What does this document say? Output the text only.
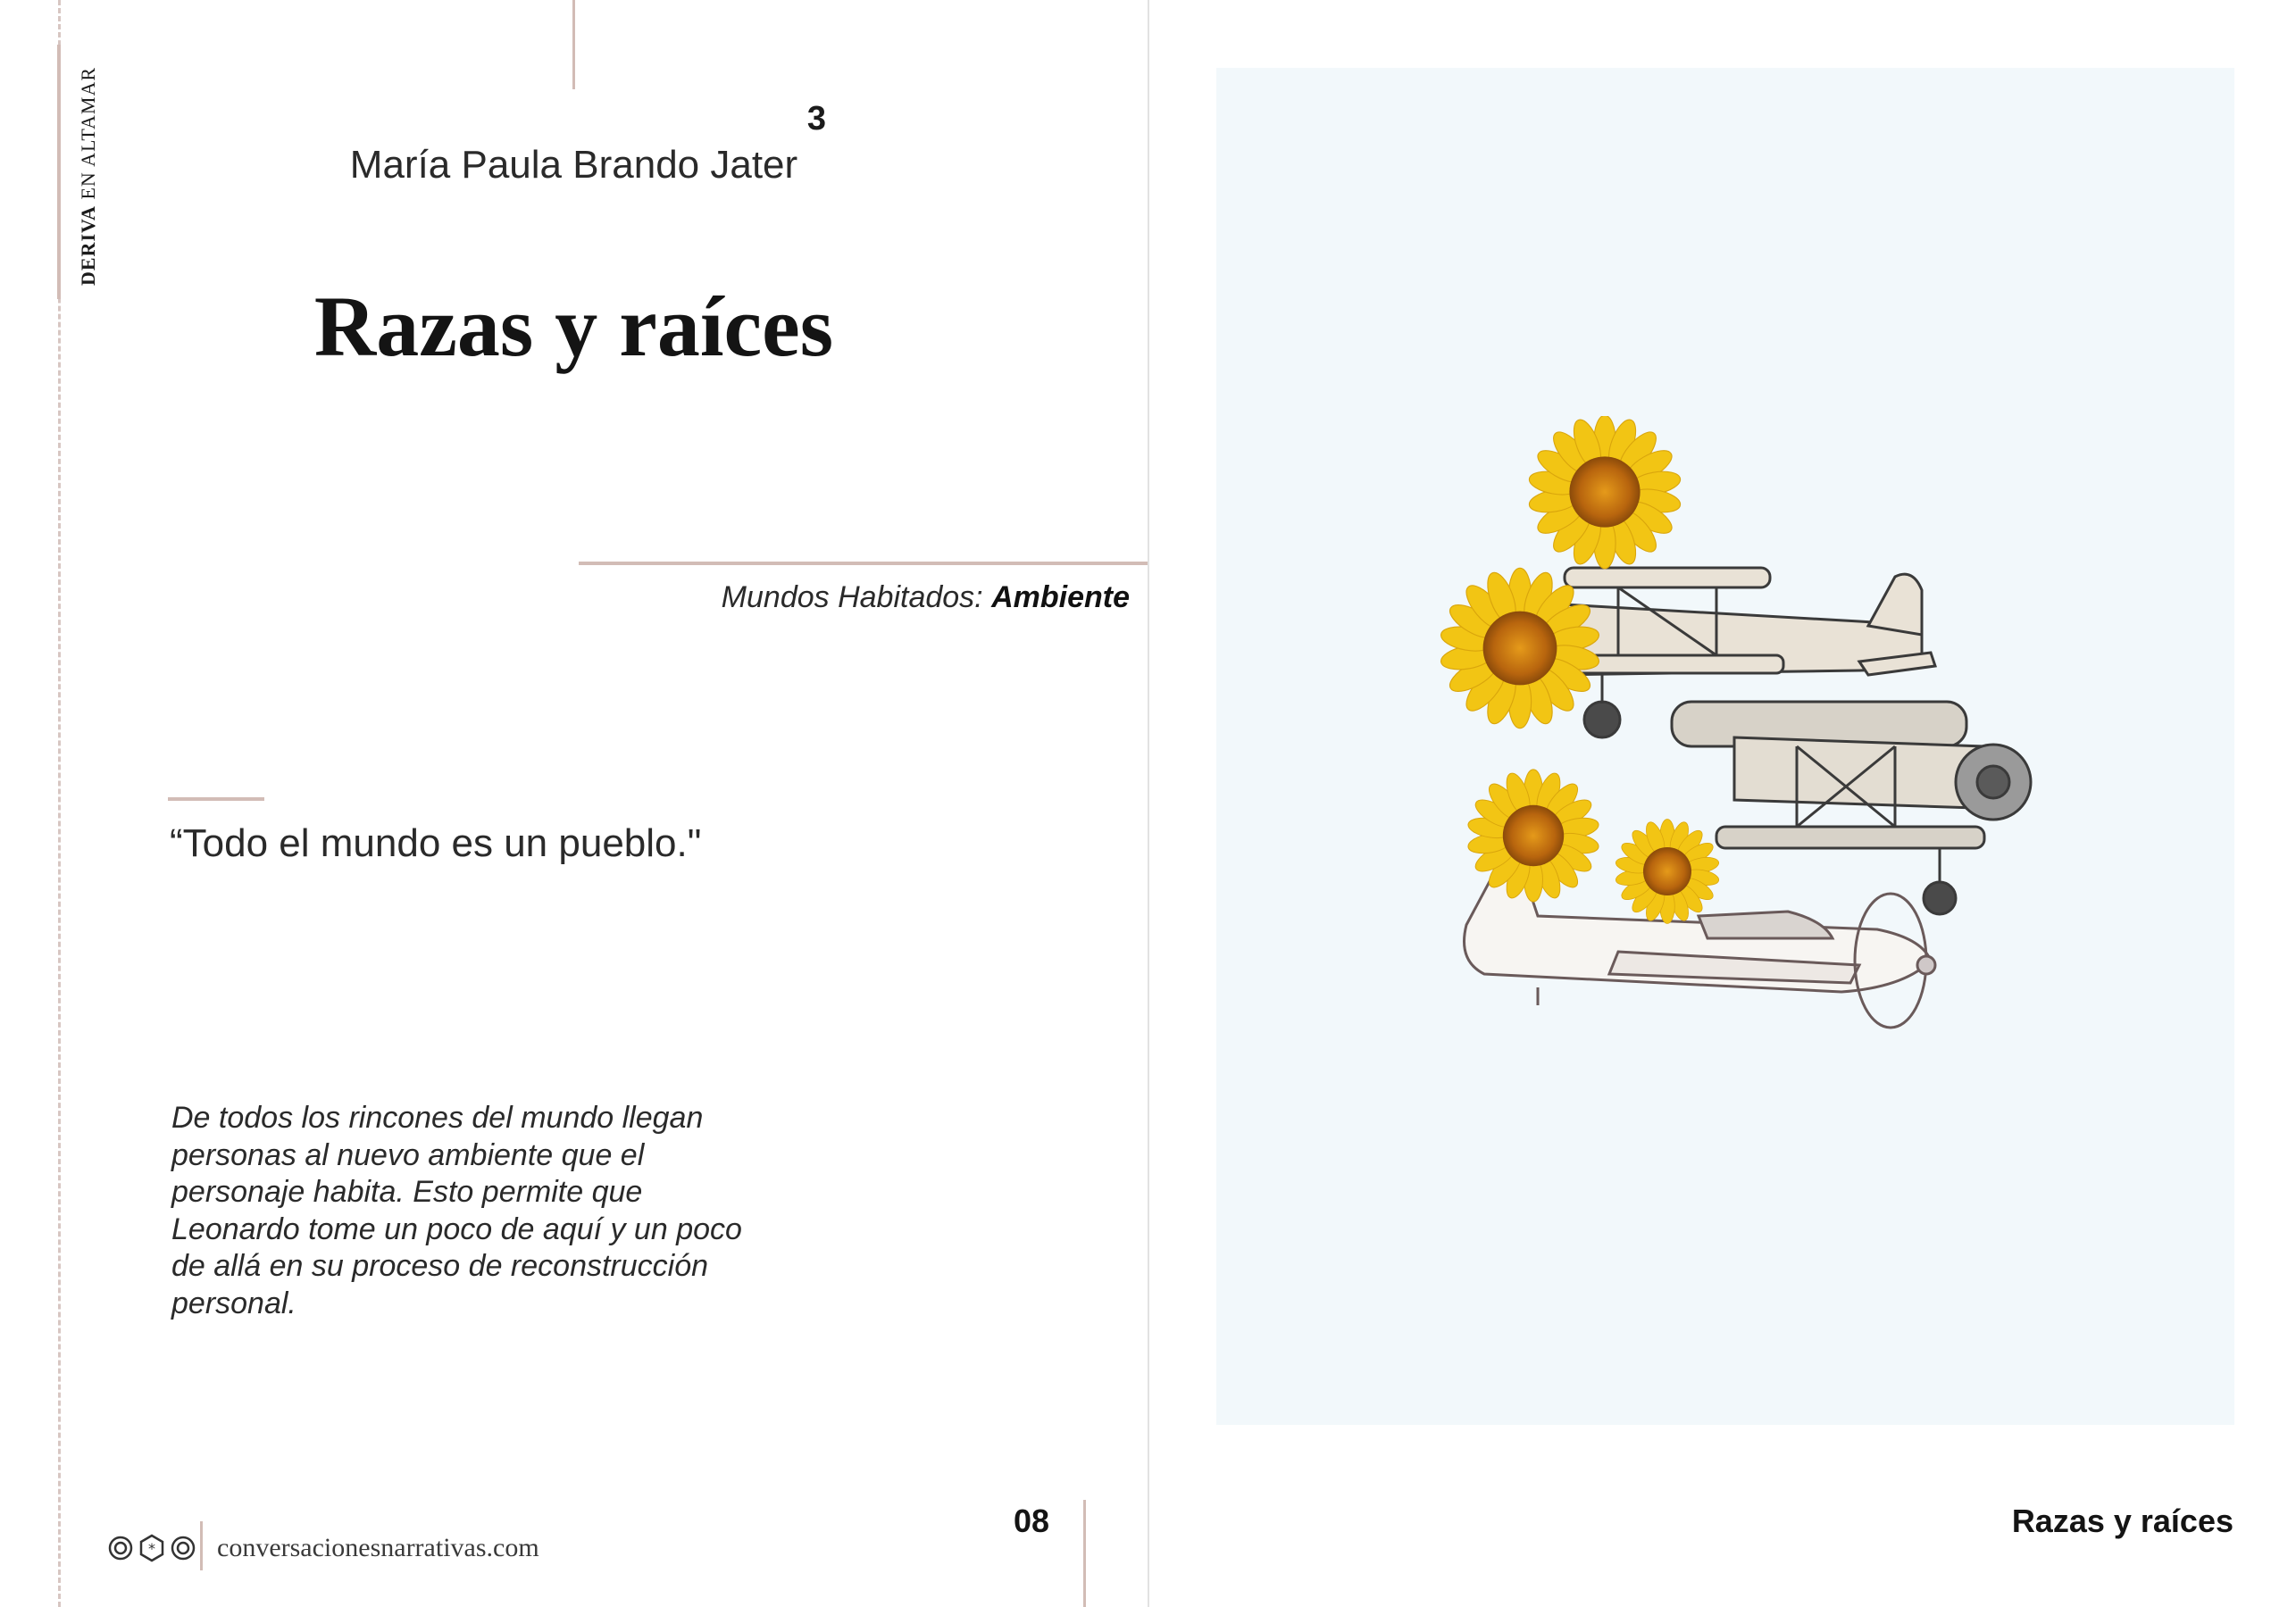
DERIVA EN ALTAMAR	3
María Paula Brando Jater
Razas y raíces
Mundos Habitados: Ambiente

“Todo el mundo es un pueblo."

De todos los rincones del mundo llegan
personas al nuevo ambiente que el
personaje habita. Esto permite que
Leonardo tome un poco de aquí y un poco
de allá en su proceso de reconstrucción
personal.
* conversacionesnarrativas.com
08	Razas y raíces
